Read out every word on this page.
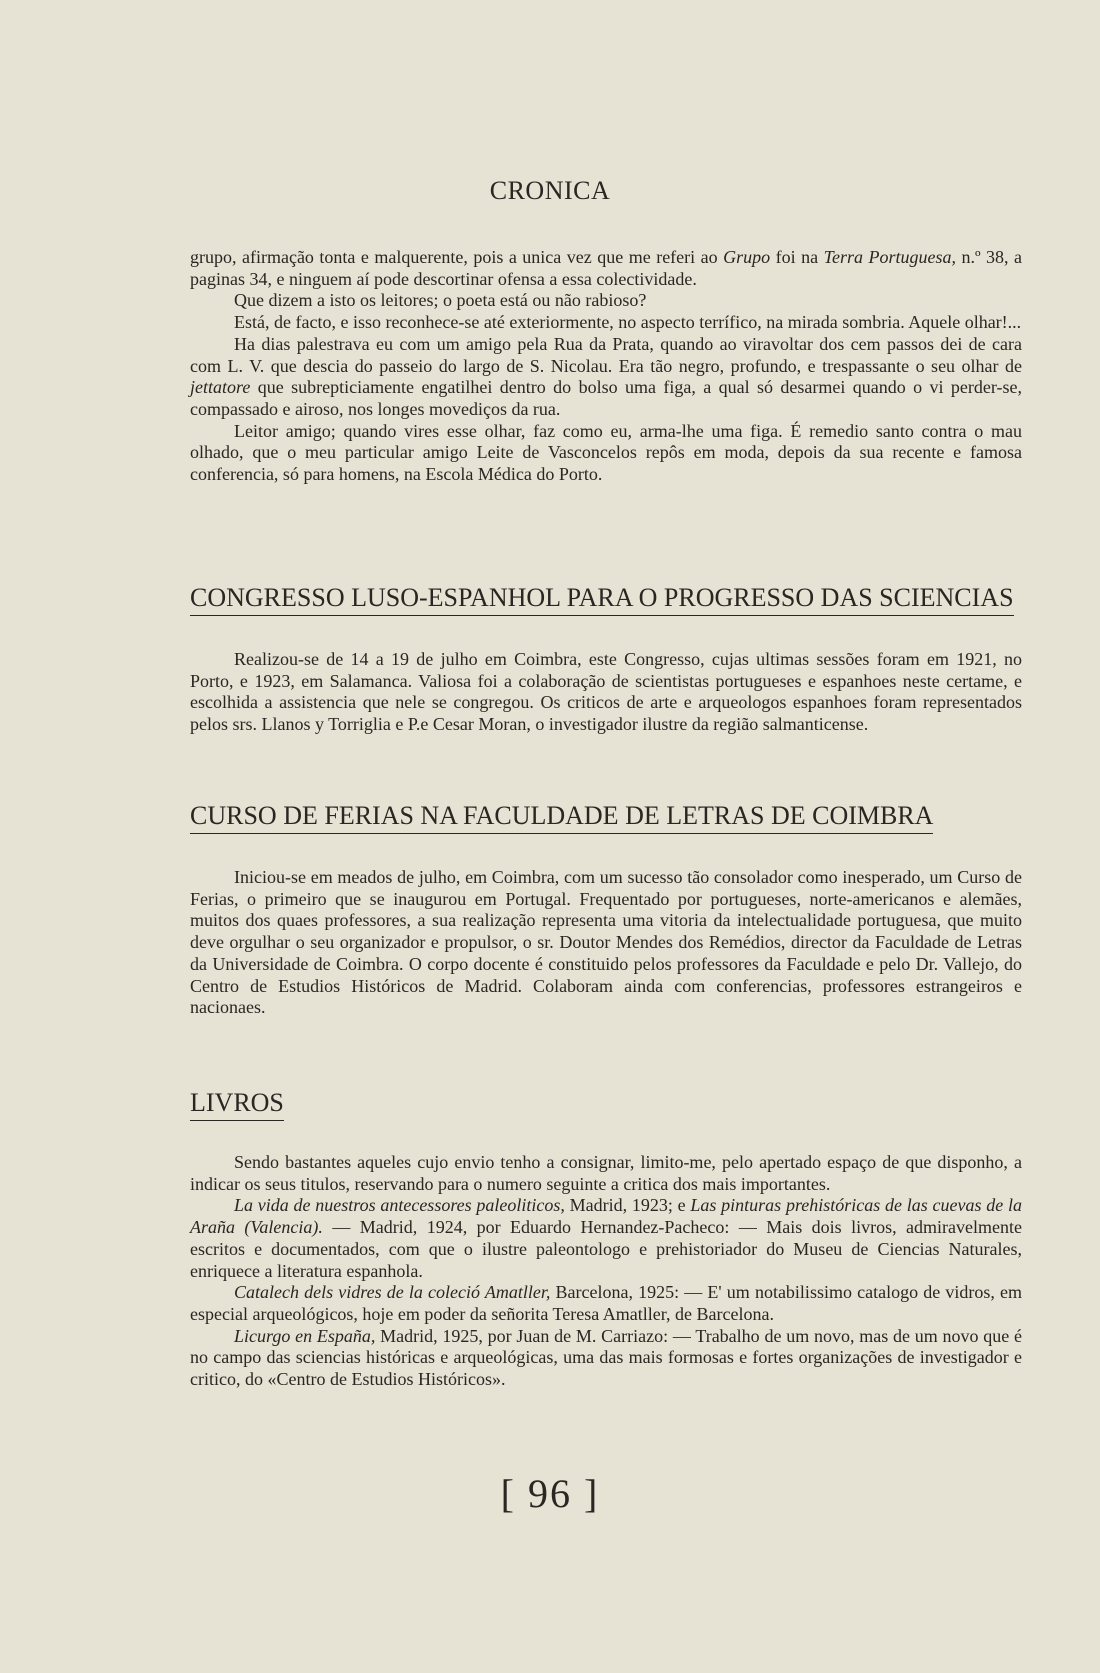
CRONICA

grupo, afirmação tonta e malquerente, pois a unica vez que me referi ao Grupo foi na Terra Portuguesa, n.º 38, a paginas 34, e ninguem aí pode descortinar ofensa a essa colectividade.

Que dizem a isto os leitores; o poeta está ou não rabioso?

Está, de facto, e isso reconhece-se até exteriormente, no aspecto terrífico, na mirada sombria. Aquele olhar!...

Ha dias palestrava eu com um amigo pela Rua da Prata, quando ao viravoltar dos cem passos dei de cara com L. V. que descia do passeio do largo de S. Nicolau. Era tão negro, profundo, e trespassante o seu olhar de jettatore que subrepticiamente engatilhei dentro do bolso uma figa, a qual só desarmei quando o vi perder-se, compassado e airoso, nos longes movediços da rua.

Leitor amigo; quando vires esse olhar, faz como eu, arma-lhe uma figa. É remedio santo contra o mau olhado, que o meu particular amigo Leite de Vasconcelos repôs em moda, depois da sua recente e famosa conferencia, só para homens, na Escola Médica do Porto.

CONGRESSO LUSO-ESPANHOL PARA O PROGRESSO DAS SCIENCIAS

Realizou-se de 14 a 19 de julho em Coimbra, este Congresso, cujas ultimas sessões foram em 1921, no Porto, e 1923, em Salamanca. Valiosa foi a colaboração de scientistas portugueses e espanhoes neste certame, e escolhida a assistencia que nele se congregou. Os criticos de arte e arqueologos espanhoes foram representados pelos srs. Llanos y Torriglia e P.e Cesar Moran, o investigador ilustre da região salmanticense.

CURSO DE FERIAS NA FACULDADE DE LETRAS DE COIMBRA

Iniciou-se em meados de julho, em Coimbra, com um sucesso tão consolador como inesperado, um Curso de Ferias, o primeiro que se inaugurou em Portugal. Frequentado por portugueses, norte-americanos e alemães, muitos dos quaes professores, a sua realização representa uma vitoria da intelectualidade portuguesa, que muito deve orgulhar o seu organizador e propulsor, o sr. Doutor Mendes dos Remédios, director da Faculdade de Letras da Universidade de Coimbra. O corpo docente é constituido pelos professores da Faculdade e pelo Dr. Vallejo, do Centro de Estudios Históricos de Madrid. Colaboram ainda com conferencias, professores estrangeiros e nacionaes.

LIVROS

Sendo bastantes aqueles cujo envio tenho a consignar, limito-me, pelo apertado espaço de que disponho, a indicar os seus titulos, reservando para o numero seguinte a critica dos mais importantes.

La vida de nuestros antecessores paleoliticos, Madrid, 1923; e Las pinturas prehistóricas de las cuevas de la Araña (Valencia). — Madrid, 1924, por Eduardo Hernandez-Pacheco: — Mais dois livros, admiravelmente escritos e documentados, com que o ilustre paleontologo e prehistoriador do Museu de Ciencias Naturales, enriquece a literatura espanhola.

Catalech dels vidres de la coleció Amatller, Barcelona, 1925: — E' um notabilissimo catalogo de vidros, em especial arqueológicos, hoje em poder da señorita Teresa Amatller, de Barcelona.

Licurgo en España, Madrid, 1925, por Juan de M. Carriazo: — Trabalho de um novo, mas de um novo que é no campo das sciencias históricas e arqueológicas, uma das mais formosas e fortes organizações de investigador e critico, do «Centro de Estudios Históricos».

[ 96 ]
